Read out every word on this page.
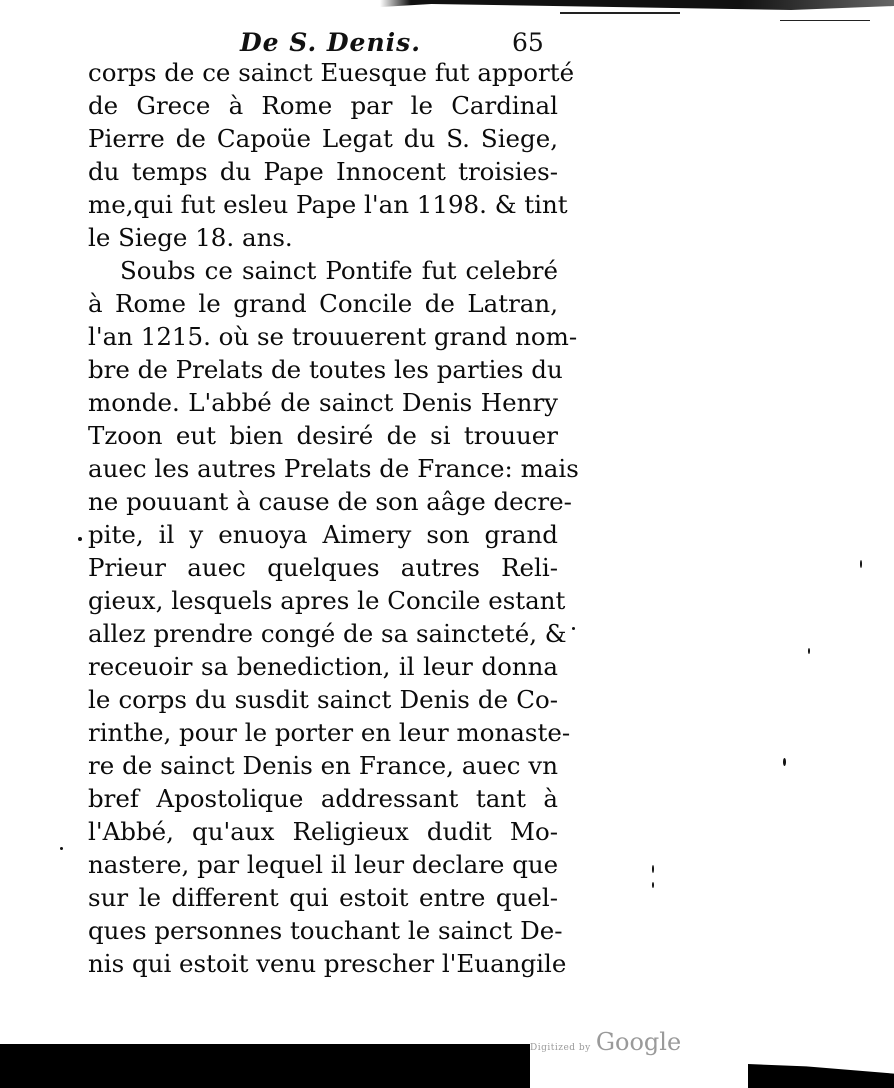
De S. Denis.	65
corps de ce sainct Euesque fut apporté
de Grece à Rome par le Cardinal
Pierre de Capoüe Legat du S. Siege,
du temps du Pape Innocent troisies-
me,qui fut esleu Pape l'an 1198. & tint
le Siege 18. ans.
Soubs ce sainct Pontife fut celebré
à Rome le grand Concile de Latran,
l'an 1215. où se trouuerent grand nom-
bre de Prelats de toutes les parties du
monde. L'abbé de sainct Denis Henry
Tzoon eut bien desiré de si trouuer
auec les autres Prelats de France: mais
ne pouuant à cause de son aâge decre-
pite, il y enuoya Aimery son grand
Prieur auec quelques autres Reli-
gieux, lesquels apres le Concile estant
allez prendre congé de sa saincteté, &
receuoir sa benediction, il leur donna
le corps du susdit sainct Denis de Co-
rinthe, pour le porter en leur monaste-
re de sainct Denis en France, auec vn
bref Apostolique addressant tant à
l'Abbé, qu'aux Religieux dudit Mo-
nastere, par lequel il leur declare que
sur le different qui estoit entre quel-
ques personnes touchant le sainct De-
nis qui estoit venu prescher l'Euangile
Digitized by Google
